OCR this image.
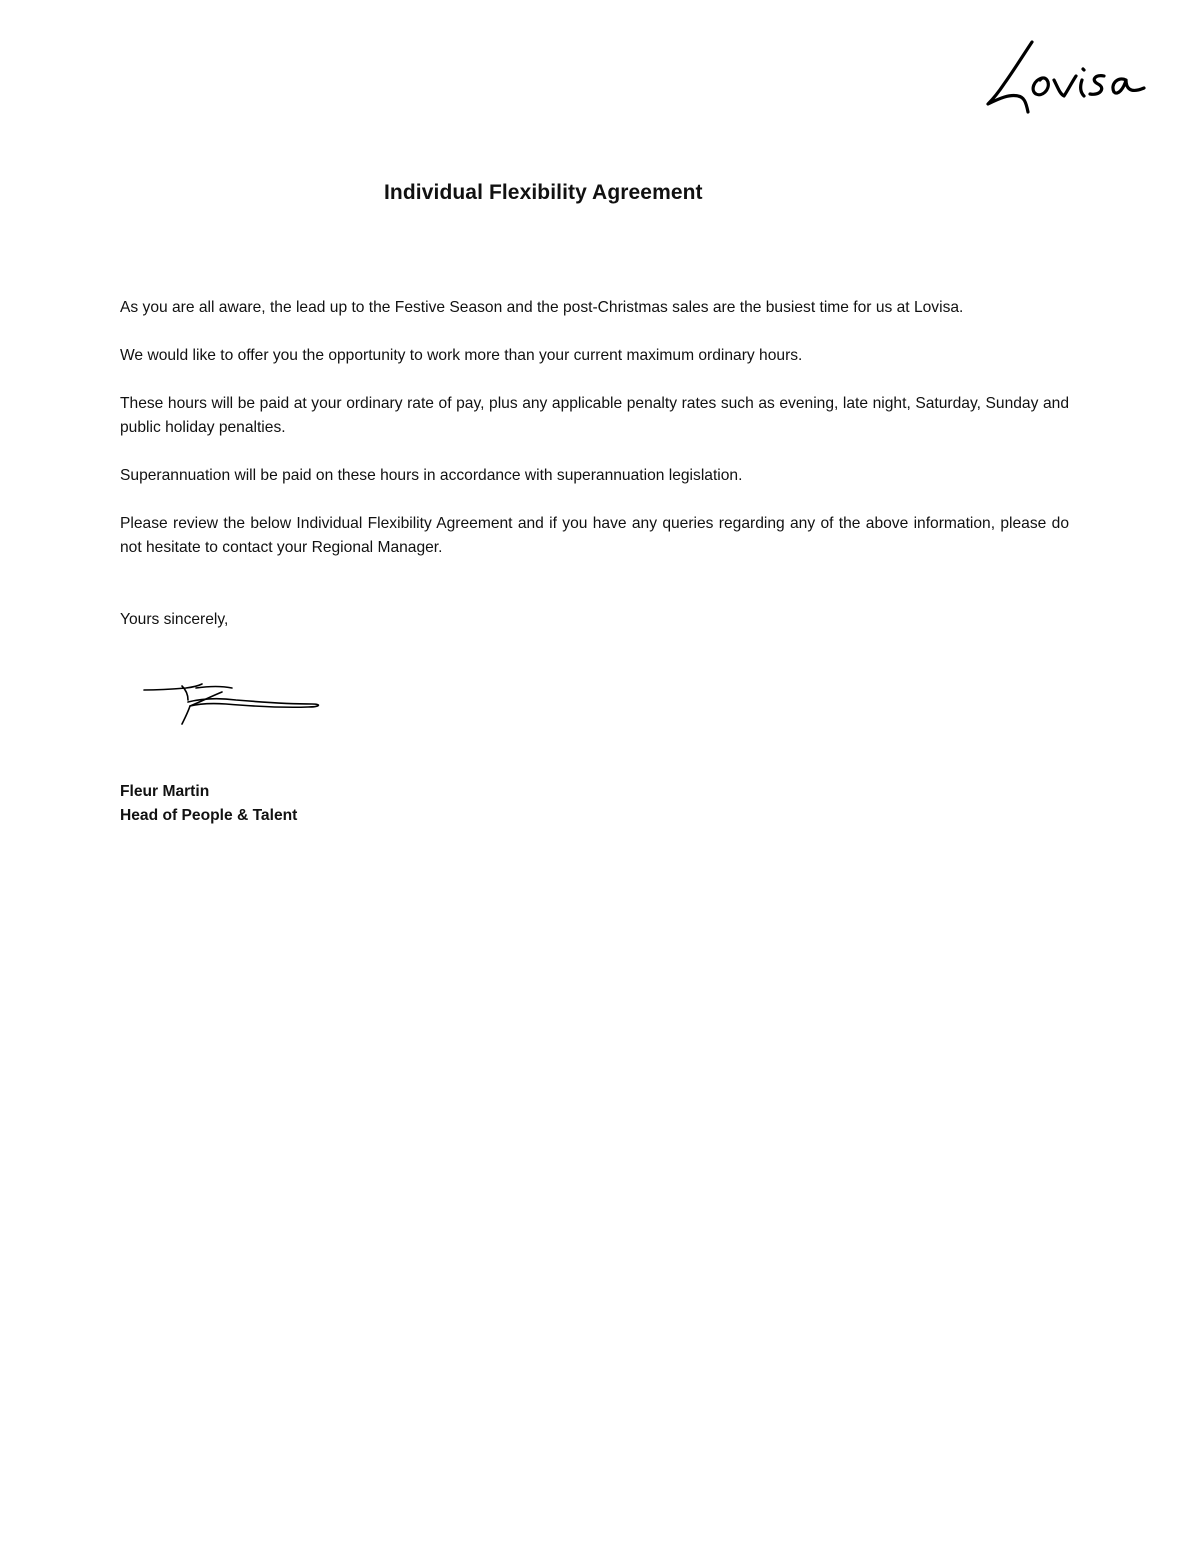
Individual Flexibility Agreement

As you are all aware, the lead up to the Festive Season and the post-Christmas sales are the busiest time for us at Lovisa.

We would like to offer you the opportunity to work more than your current maximum ordinary hours.

These hours will be paid at your ordinary rate of pay, plus any applicable penalty rates such as evening, late night, Saturday, Sunday and public holiday penalties.

Superannuation will be paid on these hours in accordance with superannuation legislation.

Please review the below Individual Flexibility Agreement and if you have any queries regarding any of the above information, please do not hesitate to contact your Regional Manager.

Yours sincerely,

Fleur Martin
Head of People & Talent
